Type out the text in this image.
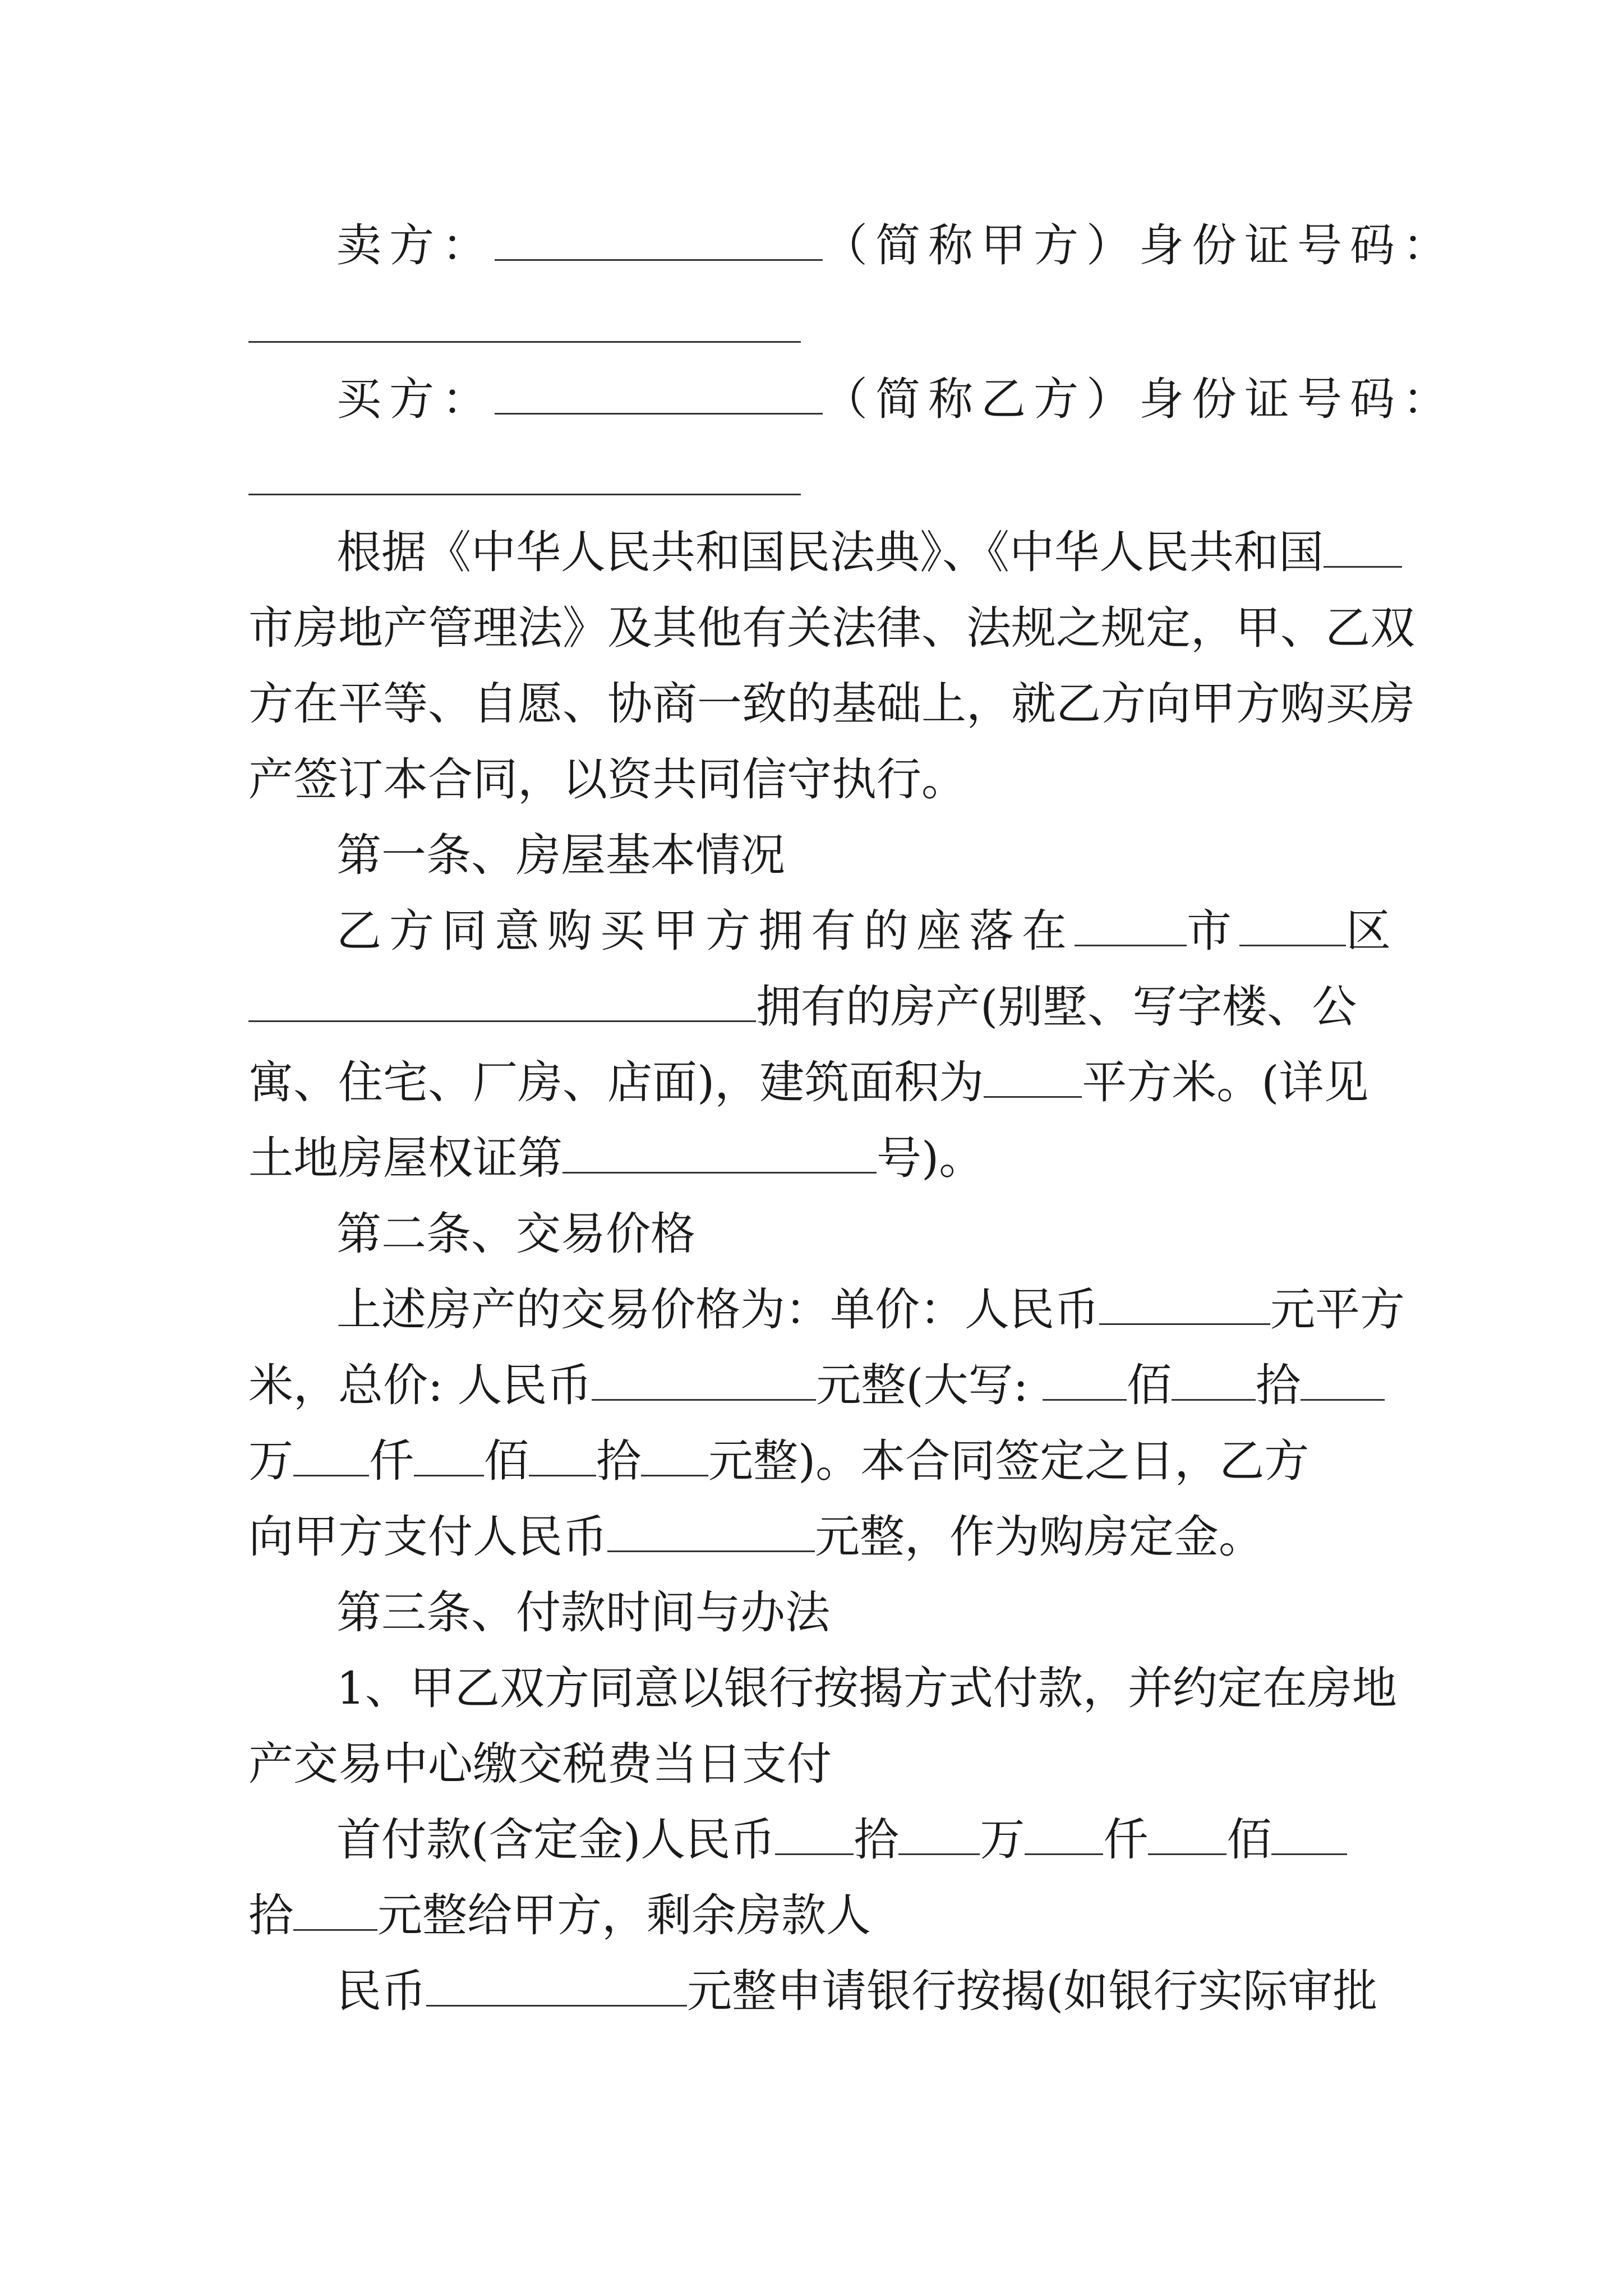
卖方：	（简称甲方）身份证号码：
买方：	（简称乙方）身份证号码：
根据《中华人民共和国民法典》、《中华人民共和国
市房地产管理法》及其他有关法律、法规之规定，甲、乙双
方在平等、自愿、协商一致的基础上，就乙方向甲方购买房
产签订本合同，以资共同信守执行。
第一条、房屋基本情况
乙方同意购买甲方拥有的座落在	市 区
拥有的房产(别墅、写字楼、公
寓、住宅、厂房、店面)，建筑面积为 平方米。(详见
土地房屋权证第	号)。
第二条、交易价格
上述房产的交易价格为：单价：人民币	元平方
米，总价: 人民币	元整(大写: 佰 拾
万 仟 佰 拾 元整)。本合同签定之日，乙方
向甲方支付人民币	元整，作为购房定金。
第三条、付款时间与办法
1、甲乙双方同意以银行按揭方式付款，并约定在房地
产交易中心缴交税费当日支付
首付款(含定金)人民币 拾 万 仟 佰
拾 元整给甲方，剩余房款人
民币	元整申请银行按揭(如银行实际审批
